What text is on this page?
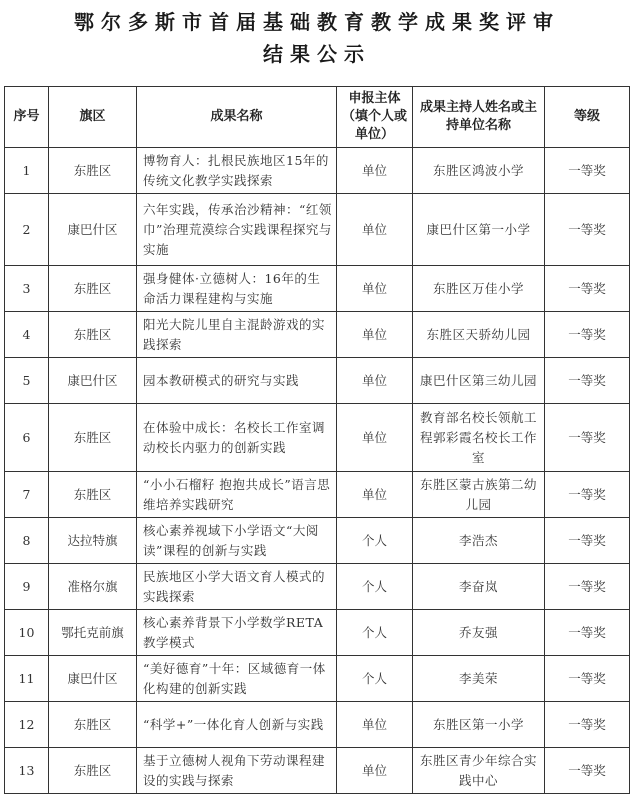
鄂尔多斯市首届基础教育教学成果奖评审
结果公示
序号	旗区	成果名称	申报主体（填个人或单位）	成果主持人姓名或主持单位名称	等级
1	东胜区	博物育人：扎根民族地区15年的传统文化教学实践探索	单位	东胜区鸿波小学	一等奖
2	康巴什区	六年实践，传承治沙精神：“红领巾”治理荒漠综合实践课程探究与实施	单位	康巴什区第一小学	一等奖
3	东胜区	强身健体·立德树人：16年的生命活力课程建构与实施	单位	东胜区万佳小学	一等奖
4	东胜区	阳光大院儿里自主混龄游戏的实践探索	单位	东胜区天骄幼儿园	一等奖
5	康巴什区	园本教研模式的研究与实践	单位	康巴什区第三幼儿园	一等奖
6	东胜区	在体验中成长：名校长工作室调动校长内驱力的创新实践	单位	教育部名校长领航工程郭彩霞名校长工作室	一等奖
7	东胜区	“小小石榴籽 抱抱共成长”语言思维培养实践研究	单位	东胜区蒙古族第二幼儿园	一等奖
8	达拉特旗	核心素养视域下小学语文“大阅读”课程的创新与实践	个人	李浩杰	一等奖
9	准格尔旗	民族地区小学大语文育人模式的实践探索	个人	李奋岚	一等奖
10	鄂托克前旗	核心素养背景下小学数学RETA教学模式	个人	乔友强	一等奖
11	康巴什区	“美好德育”十年：区域德育一体化构建的创新实践	个人	李美荣	一等奖
12	东胜区	“科学+”一体化育人创新与实践	单位	东胜区第一小学	一等奖
13	东胜区	基于立德树人视角下劳动课程建设的实践与探索	单位	东胜区青少年综合实践中心	一等奖
